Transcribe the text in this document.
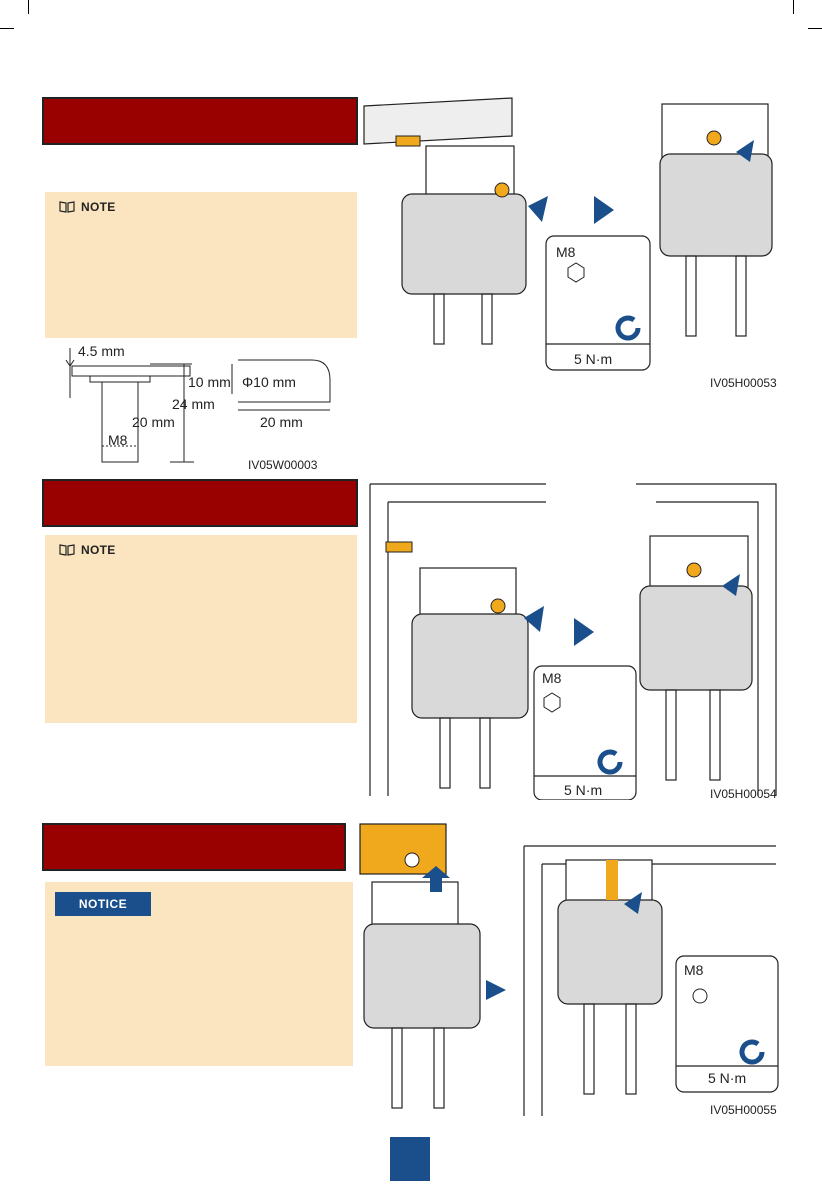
NOTE
4.5 mm
10 mm
24 mm
20 mm
M8
Φ10 mm
20 mm
IV05W00003
M8
5 N·m
IV05H00053
NOTE
M8
5 N·m	IV05H00054
NOTICE
M8
5 N·m
IV05H00055
